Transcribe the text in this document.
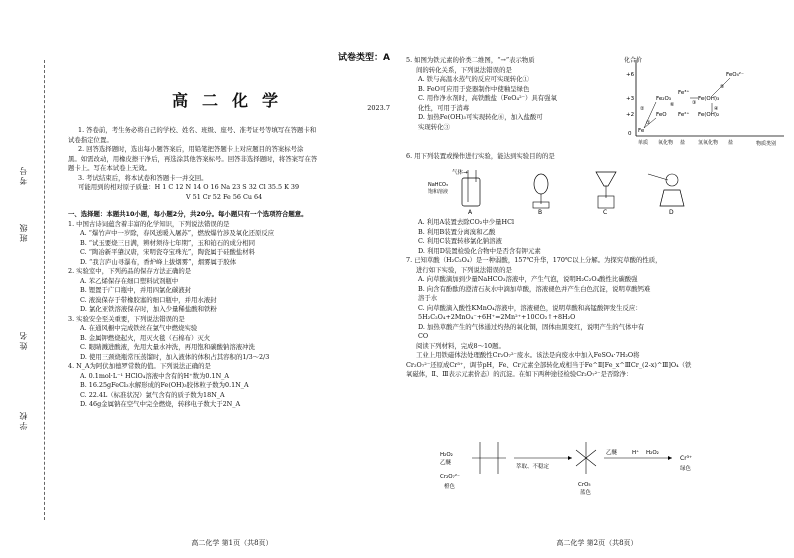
考号
班级
姓名
学校
试卷类型：A
高二化学	2023.7

1. 答卷前，考生务必将自己的学校、姓名、班级、座号、准考证号等填写在答题卡和

试卷指定位置。

2. 回答选择题时，选出每小题答案后，用铅笔把答题卡上对应题目的答案标号涂

黑。如需改动，用橡皮擦干净后，再选涂其他答案标号。回答非选择题时，将答案写在答

题卡上。写在本试卷上无效。

3. 考试结束后，将本试卷和答题卡一并交回。

可能用到的相对原子质量：H 1 C 12 N 14 O 16 Na 23 S 32 Cl 35.5 K 39

V 51 Cr 52 Fe 56 Cu 64

一、选择题：本题共10小题，每小题2分，共20分。每小题只有一个选项符合题意。

1. 中国古诗词蕴含着丰富的化学知识，下列说法错误的是

A. “爆竹声中一岁除，春风送暖入屠苏”，燃放爆竹涉及氧化还原反应

B. “试玉要烧三日满，辨材须待七年期”，玉和铂石的成分相同

C. “陶冶新平肇汉唐，宋明瓷夺宝珠光”，陶瓷属于硅酸盐材料

D. “我言庐山寻瀑布，香炉峰上拔烟雾”，烟雾属于胶体

2. 实验室中，下列药品的保存方法正确的是

A. 苯乙烯保存在细口塑料试剂瓶中

B. 锂置于广口瓶中，并用四氯化碳液封

C. 液溴保存于带橡胶塞的细口瓶中，并用水液封

D. 氯化亚铁溶液保存时，加入少量稀盐酸和铁粉

3. 实验安全至关重要，下列说法错误的是

A. 在通风橱中完成铁丝在氯气中燃烧实验

B. 金属钾燃烧起火，用灭火毯（石棉布）灭火

C. 眼睛溅进酸液，先用大量水冲洗，再用饱和碳酸钠溶液冲洗

D. 使用三颈烧瓶常压蒸馏时，加入液体的体积占其容积的1/3～2/3

4. N_A为阿伏加德罗常数的值。下列说法正确的是

A. 0.1mol·L⁻¹ HClO₄溶液中含有的H⁺数为0.1N_A

B. 16.25gFeCl₃水解形成的Fe(OH)₃胶体粒子数为0.1N_A

C. 22.4L（标准状况）氯气含有的质子数为18N_A

D. 46g金属钠在空气中完全燃烧，转移电子数大于2N_A

高二化学 第1页（共8页）

5. 如图为铁元素的价类二维图，“→”表示物质

间的转化关系，下列说法错误的是

A. 铁与高温水蒸气的反应可实现转化①

B. FeO可应用于瓷器制作中使釉呈绿色

C. 用作净水剂时，高铁酸盐（FeO₄²⁻）具有强氧

化性，可用于消毒

D. 加热Fe(OH)₃可实现转化⑥，加入盐酸可

实现转化③

化合价
物质类别
+6
+3
+2
0
单质 氧化物 盐	氢氧化物 盐
Fe
FeO
Fe₂O₃
Fe²⁺
Fe³⁺
Fe(OH)₂
Fe(OH)₃
FeO₄²⁻
①
②
③
④
⑤
⑥

6. 用下列装置或操作进行实验，能达到实验目的的是

气体→
NaHCO₃
饱和溶液
A	B	C	D

A. 利用A装置去除CO₂中少量HCl

B. 利用B装置分离溴和乙酸

C. 利用C装置转移氯化钠溶液

D. 利用D装置检验化合物中是否含有钾元素

7. 已知草酸（H₂C₂O₄）是一种弱酸，157℃升华，170℃以上分解。为探究草酸的性质，

进行如下实验，下列说法错误的是

A. 向草酸滴加到少量NaHCO₃溶液中，产生气泡，说明H₂C₂O₄酸性比碳酸强

B. 向含有酚酞的澄清石灰水中滴加草酸，溶液褪色并产生白色沉淀，说明草酸钙难

溶于水

C. 向草酸滴入酸性KMnO₄溶液中，溶液褪色，说明草酸和高锰酸钾发生反应：

5H₂C₂O₄+2MnO₄⁻+6H⁺=2Mn²⁺+10CO₂↑+8H₂O

D. 加热草酸产生的气体通过灼热的氧化铜，固体由黑变红，说明产生的气体中有

CO

阅读下列材料，完成8～10题。

工业上用铁磁体法处理酸性Cr₂O₇²⁻废水。该法是向废水中加入FeSO₄·7H₂O将

Cr₂O₇²⁻还原成Cr³⁺，调节pH，Fe、Cr元素全部转化成相当于Fe^Ⅱ[Fe_x^ⅢCr_(2-x)^Ⅲ]O₄（铁

氧磁体，Ⅱ、Ⅲ表示元素价态）的沉淀。在如下两种途径检验Cr₂O₇²⁻是否除净：

H₂O₂
乙醚
Cr₂O₇²⁻
橙色
萃取、不稳定
CrO₅
蓝色
乙醚	H⁺ H₂O₂
Cr³⁺
绿色
高二化学 第2页（共8页）
